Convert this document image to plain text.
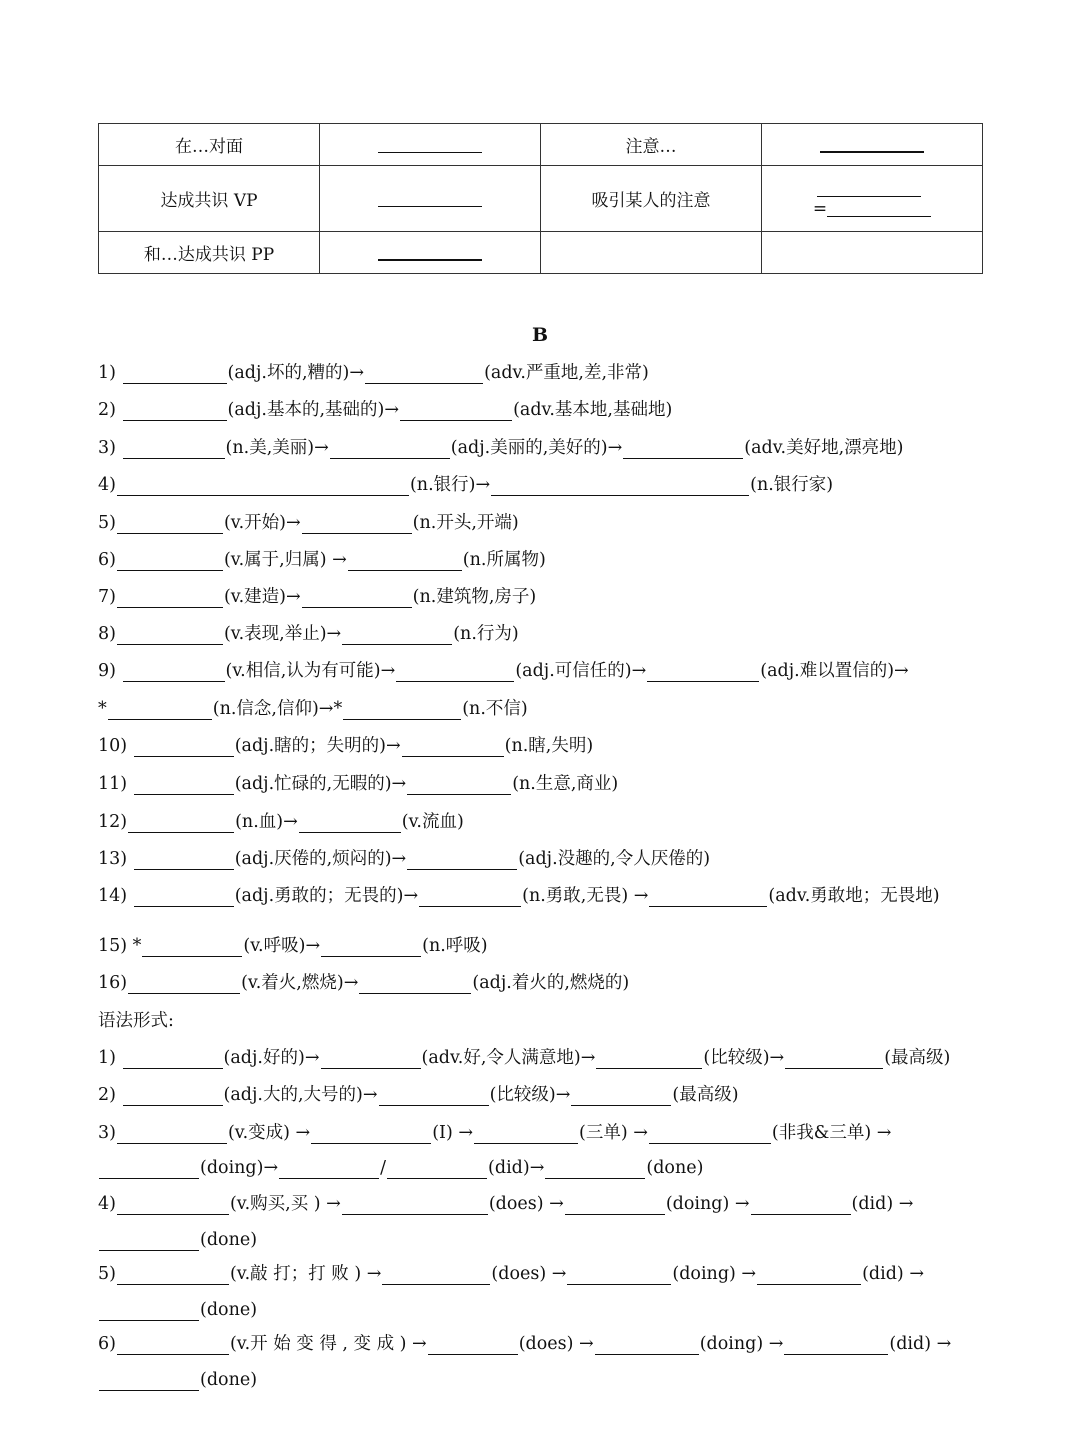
在…对面		注意…	
达成共识 VP		吸引某人的注意	=

和…达成共识 PP			
B
1)	(adj.坏的,糟的)→	(adv.严重地,差,非常)
2)	(adj.基本的,基础的)→	(adv.基本地,基础地)
3)	(n.美,美丽)→	(adj.美丽的,美好的)→	(adv.美好地,漂亮地)
4)	(n.银行)→	(n.银行家)
5)	(v.开始)→	(n.开头,开端)
6)	(v.属于,归属) →	(n.所属物)
7)	(v.建造)→	(n.建筑物,房子)
8)	(v.表现,举止)→	(n.行为)
9)	(v.相信,认为有可能)→	(adj.可信任的)→	(adj.难以置信的)→
*	(n.信念,信仰)→*	(n.不信)
10)	(adj.瞎的；失明的)→	(n.瞎,失明)
11)	(adj.忙碌的,无暇的)→	(n.生意,商业)
12)	(n.血)→	(v.流血)
13)	(adj.厌倦的,烦闷的)→	(adj.没趣的,令人厌倦的)
14)	(adj.勇敢的；无畏的)→	(n.勇敢,无畏) →	(adv.勇敢地；无畏地)
15) *	(v.呼吸)→	(n.呼吸)
16)	(v.着火,燃烧)→	(adj.着火的,燃烧的)
语法形式:
1)	(adj.好的)→	(adv.好,令人满意地)→	(比较级)→	(最高级)
2)	(adj.大的,大号的)→	(比较级)→	(最高级)
3)	(v.变成) →	(I) →	(三单) →	(非我&三单) →
(doing)→	/	(did)→	(done)
4)	(v.购买,买 ) →	(does) →	(doing) →	(did) →
(done)
5)	(v.敲 打；打 败 ) →	(does) →	(doing) →	(did) →
(done)
6)	(v.开 始 变 得 , 变 成 ) →	(does) →	(doing) →	(did) →
(done)
